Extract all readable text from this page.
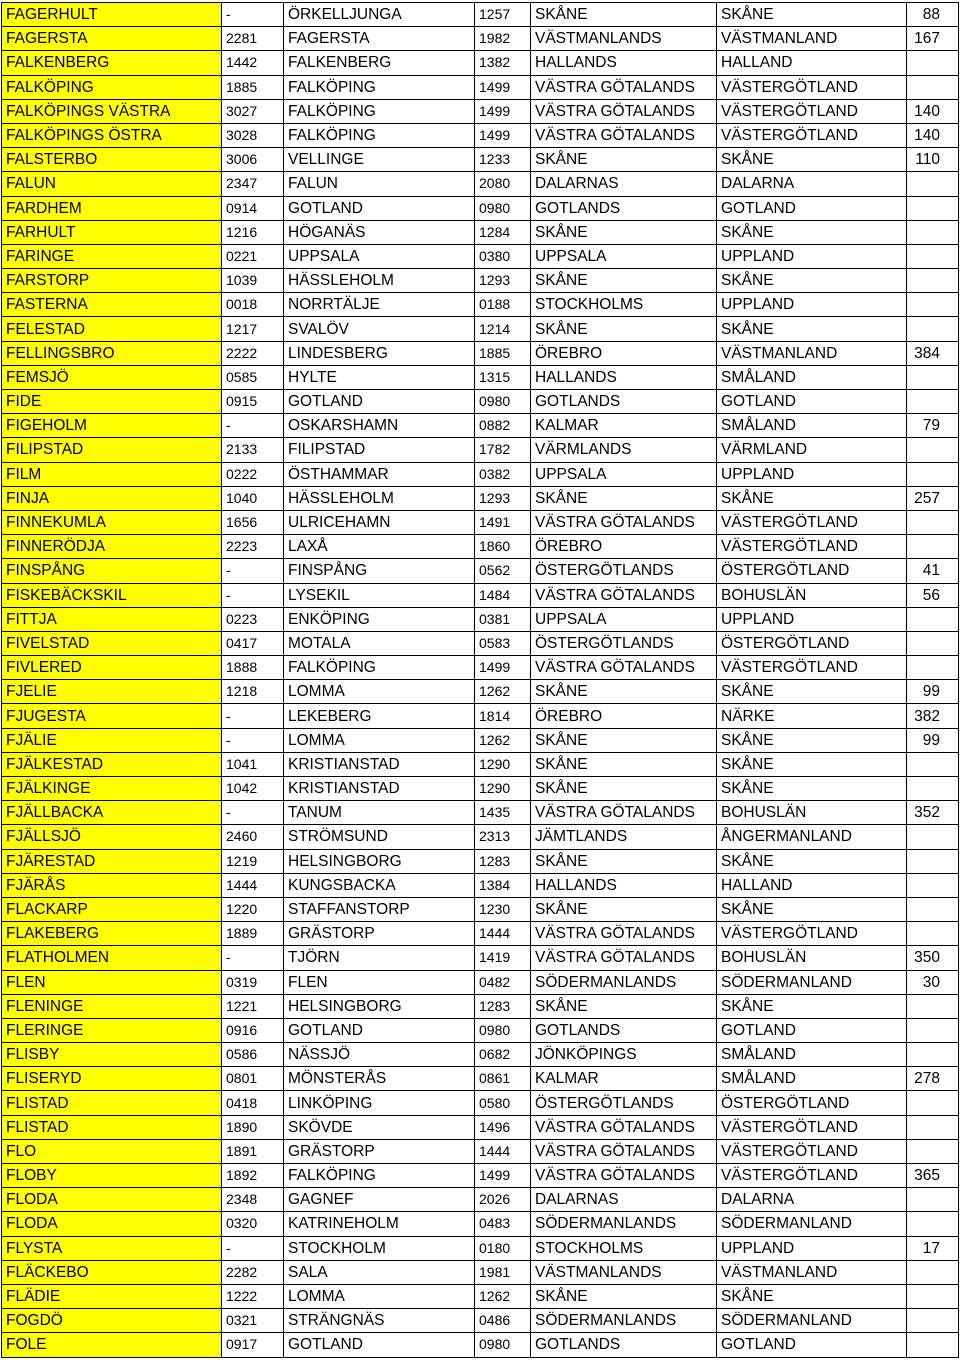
FAGERHULT	-	ÖRKELLJUNGA	1257	SKÅNE	SKÅNE	88
FAGERSTA	2281	FAGERSTA	1982	VÄSTMANLANDS	VÄSTMANLAND	167
FALKENBERG	1442	FALKENBERG	1382	HALLANDS	HALLAND	
FALKÖPING	1885	FALKÖPING	1499	VÄSTRA GÖTALANDS	VÄSTERGÖTLAND	
FALKÖPINGS VÄSTRA	3027	FALKÖPING	1499	VÄSTRA GÖTALANDS	VÄSTERGÖTLAND	140
FALKÖPINGS ÖSTRA	3028	FALKÖPING	1499	VÄSTRA GÖTALANDS	VÄSTERGÖTLAND	140
FALSTERBO	3006	VELLINGE	1233	SKÅNE	SKÅNE	110
FALUN	2347	FALUN	2080	DALARNAS	DALARNA	
FARDHEM	0914	GOTLAND	0980	GOTLANDS	GOTLAND	
FARHULT	1216	HÖGANÄS	1284	SKÅNE	SKÅNE	
FARINGE	0221	UPPSALA	0380	UPPSALA	UPPLAND	
FARSTORP	1039	HÄSSLEHOLM	1293	SKÅNE	SKÅNE	
FASTERNA	0018	NORRTÄLJE	0188	STOCKHOLMS	UPPLAND	
FELESTAD	1217	SVALÖV	1214	SKÅNE	SKÅNE	
FELLINGSBRO	2222	LINDESBERG	1885	ÖREBRO	VÄSTMANLAND	384
FEMSJÖ	0585	HYLTE	1315	HALLANDS	SMÅLAND	
FIDE	0915	GOTLAND	0980	GOTLANDS	GOTLAND	
FIGEHOLM	-	OSKARSHAMN	0882	KALMAR	SMÅLAND	79
FILIPSTAD	2133	FILIPSTAD	1782	VÄRMLANDS	VÄRMLAND	
FILM	0222	ÖSTHAMMAR	0382	UPPSALA	UPPLAND	
FINJA	1040	HÄSSLEHOLM	1293	SKÅNE	SKÅNE	257
FINNEKUMLA	1656	ULRICEHAMN	1491	VÄSTRA GÖTALANDS	VÄSTERGÖTLAND	
FINNERÖDJA	2223	LAXÅ	1860	ÖREBRO	VÄSTERGÖTLAND	
FINSPÅNG	-	FINSPÅNG	0562	ÖSTERGÖTLANDS	ÖSTERGÖTLAND	41
FISKEBÄCKSKIL	-	LYSEKIL	1484	VÄSTRA GÖTALANDS	BOHUSLÄN	56
FITTJA	0223	ENKÖPING	0381	UPPSALA	UPPLAND	
FIVELSTAD	0417	MOTALA	0583	ÖSTERGÖTLANDS	ÖSTERGÖTLAND	
FIVLERED	1888	FALKÖPING	1499	VÄSTRA GÖTALANDS	VÄSTERGÖTLAND	
FJELIE	1218	LOMMA	1262	SKÅNE	SKÅNE	99
FJUGESTA	-	LEKEBERG	1814	ÖREBRO	NÄRKE	382
FJÄLIE	-	LOMMA	1262	SKÅNE	SKÅNE	99
FJÄLKESTAD	1041	KRISTIANSTAD	1290	SKÅNE	SKÅNE	
FJÄLKINGE	1042	KRISTIANSTAD	1290	SKÅNE	SKÅNE	
FJÄLLBACKA	-	TANUM	1435	VÄSTRA GÖTALANDS	BOHUSLÄN	352
FJÄLLSJÖ	2460	STRÖMSUND	2313	JÄMTLANDS	ÅNGERMANLAND	
FJÄRESTAD	1219	HELSINGBORG	1283	SKÅNE	SKÅNE	
FJÄRÅS	1444	KUNGSBACKA	1384	HALLANDS	HALLAND	
FLACKARP	1220	STAFFANSTORP	1230	SKÅNE	SKÅNE	
FLAKEBERG	1889	GRÄSTORP	1444	VÄSTRA GÖTALANDS	VÄSTERGÖTLAND	
FLATHOLMEN	-	TJÖRN	1419	VÄSTRA GÖTALANDS	BOHUSLÄN	350
FLEN	0319	FLEN	0482	SÖDERMANLANDS	SÖDERMANLAND	30
FLENINGE	1221	HELSINGBORG	1283	SKÅNE	SKÅNE	
FLERINGE	0916	GOTLAND	0980	GOTLANDS	GOTLAND	
FLISBY	0586	NÄSSJÖ	0682	JÖNKÖPINGS	SMÅLAND	
FLISERYD	0801	MÖNSTERÅS	0861	KALMAR	SMÅLAND	278
FLISTAD	0418	LINKÖPING	0580	ÖSTERGÖTLANDS	ÖSTERGÖTLAND	
FLISTAD	1890	SKÖVDE	1496	VÄSTRA GÖTALANDS	VÄSTERGÖTLAND	
FLO	1891	GRÄSTORP	1444	VÄSTRA GÖTALANDS	VÄSTERGÖTLAND	
FLOBY	1892	FALKÖPING	1499	VÄSTRA GÖTALANDS	VÄSTERGÖTLAND	365
FLODA	2348	GAGNEF	2026	DALARNAS	DALARNA	
FLODA	0320	KATRINEHOLM	0483	SÖDERMANLANDS	SÖDERMANLAND	
FLYSTA	-	STOCKHOLM	0180	STOCKHOLMS	UPPLAND	17
FLÄCKEBO	2282	SALA	1981	VÄSTMANLANDS	VÄSTMANLAND	
FLÄDIE	1222	LOMMA	1262	SKÅNE	SKÅNE	
FOGDÖ	0321	STRÄNGNÄS	0486	SÖDERMANLANDS	SÖDERMANLAND	
FOLE	0917	GOTLAND	0980	GOTLANDS	GOTLAND	
